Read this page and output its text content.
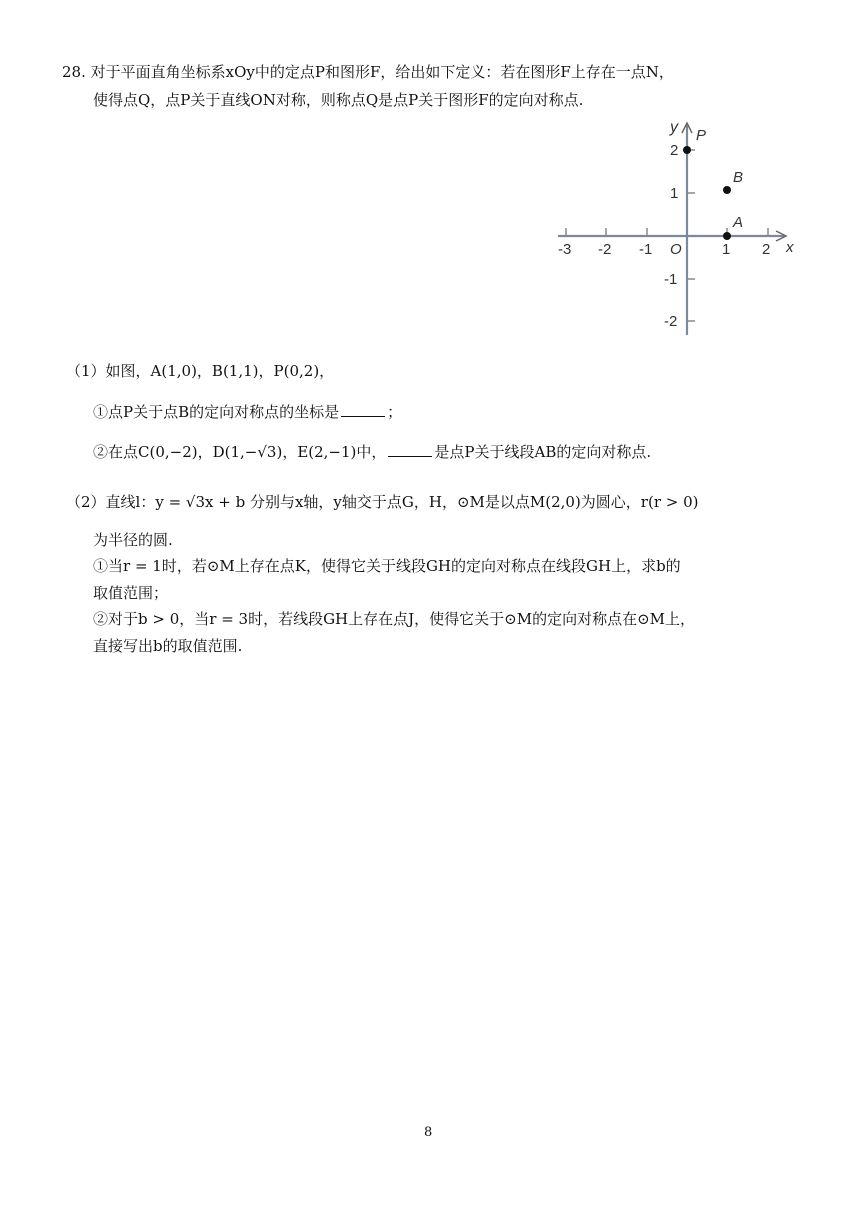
28. 对于平面直角坐标系xOy中的定点P和图形F，给出如下定义：若在图形F上存在一点N，
使得点Q，点P关于直线ON对称，则称点Q是点P关于图形F的定向对称点.
-3 -2 -1	1 2
O	x
2
1
-1
-2
y P
B
A
（1）如图，A(1,0)，B(1,1)，P(0,2)，
①点P关于点B的定向对称点的坐标是	；
②在点C(0,−2)，D(1,−√3)，E(2,−1)中，	是点P关于线段AB的定向对称点.
（2）直线l：y = √3x + b 分别与x轴，y轴交于点G，H，⊙M是以点M(2,0)为圆心，r(r > 0)
为半径的圆.
①当r = 1时，若⊙M上存在点K，使得它关于线段GH的定向对称点在线段GH上，求b的
取值范围；
②对于b > 0，当r = 3时，若线段GH上存在点J，使得它关于⊙M的定向对称点在⊙M上，
直接写出b的取值范围.
8
